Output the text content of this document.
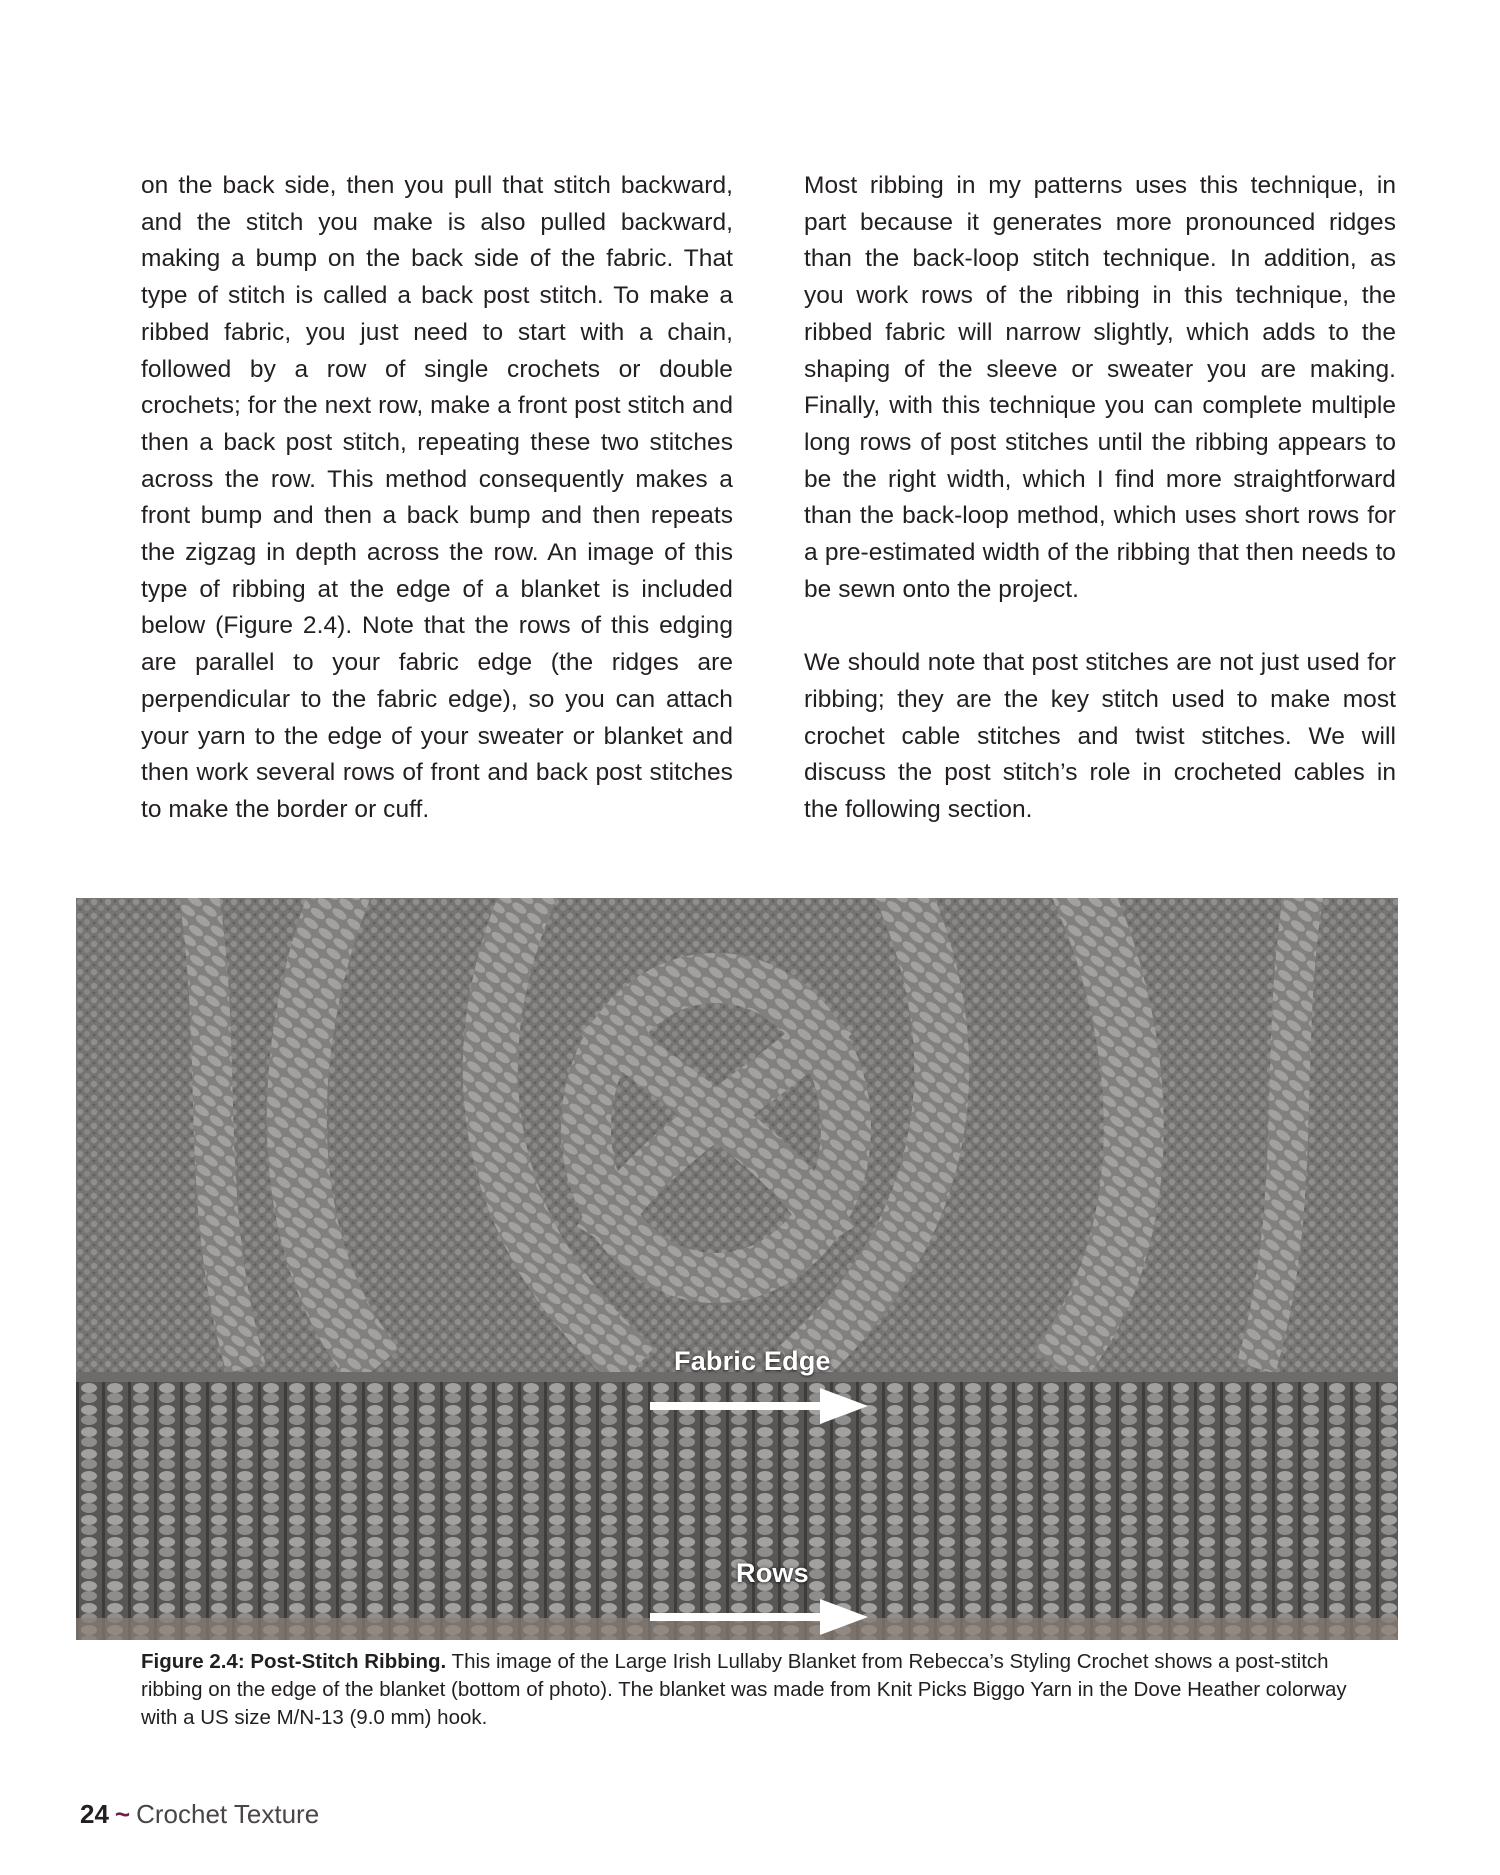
on the back side, then you pull that stitch backward, and the stitch you make is also pulled backward, making a bump on the back side of the fabric. That type of stitch is called a back post stitch. To make a ribbed fabric, you just need to start with a chain, followed by a row of single crochets or double crochets; for the next row, make a front post stitch and then a back post stitch, repeating these two stitches across the row. This method consequently makes a front bump and then a back bump and then repeats the zigzag in depth across the row. An image of this type of ribbing at the edge of a blanket is included below (Figure 2.4). Note that the rows of this edging are parallel to your fabric edge (the ridges are perpendicular to the fabric edge), so you can attach your yarn to the edge of your sweater or blanket and then work several rows of front and back post stitches to make the border or cuff.

Most ribbing in my patterns uses this technique, in part because it generates more pronounced ridges than the back-loop stitch technique. In addition, as you work rows of the ribbing in this technique, the ribbed fabric will narrow slightly, which adds to the shaping of the sleeve or sweater you are making. Finally, with this technique you can complete multiple long rows of post stitches until the ribbing appears to be the right width, which I find more straightforward than the back-loop method, which uses short rows for a pre-estimated width of the ribbing that then needs to be sewn onto the project.

We should note that post stitches are not just used for ribbing; they are the key stitch used to make most crochet cable stitches and twist stitches. We will discuss the post stitch’s role in crocheted cables in the following section.

Fabric Edge
Rows
Figure 2.4: Post-Stitch Ribbing. This image of the Large Irish Lullaby Blanket from Rebecca’s Styling Crochet shows a post-stitch ribbing on the edge of the blanket (bottom of photo). The blanket was made from Knit Picks Biggo Yarn in the Dove Heather colorway with a US size M/N-13 (9.0 mm) hook.
24 ~ Crochet Texture
